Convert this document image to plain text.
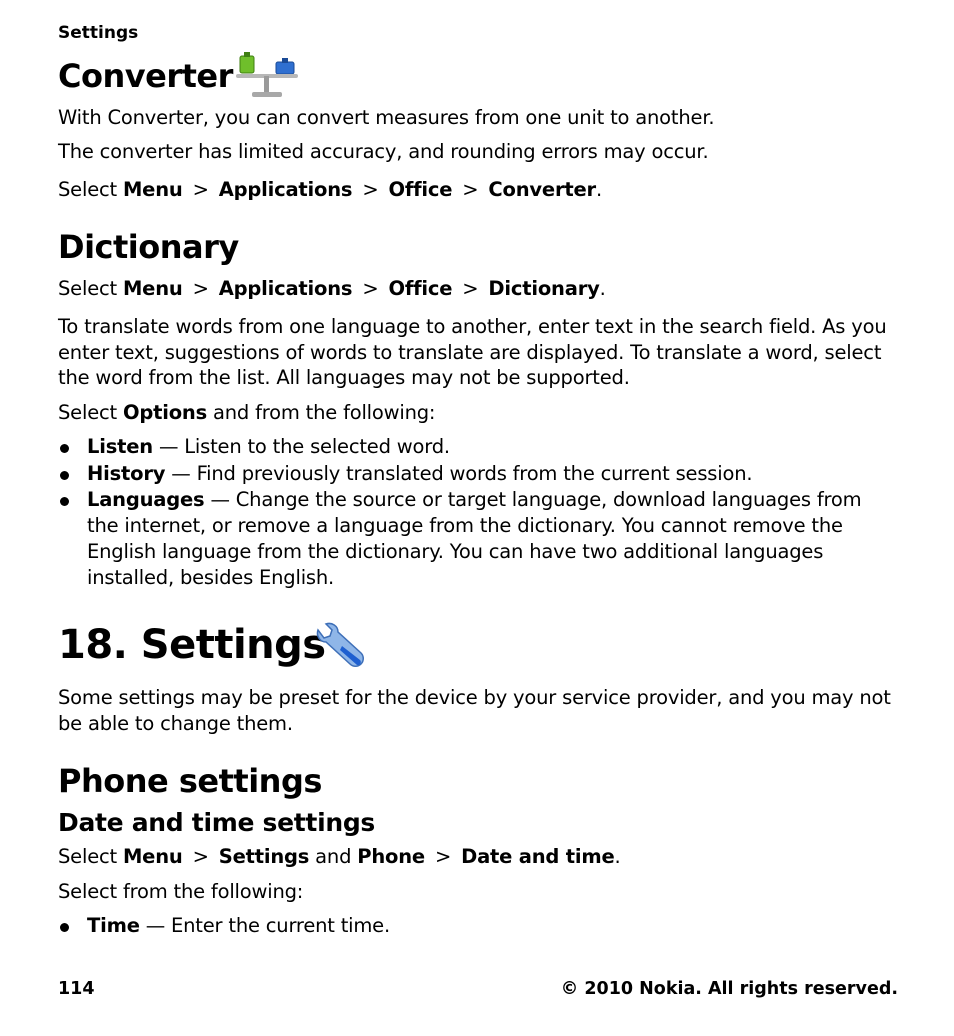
Settings
Converter
With Converter, you can convert measures from one unit to another.
The converter has limited accuracy, and rounding errors may occur.
Select Menu > Applications > Office > Converter.
Dictionary
Select Menu > Applications > Office > Dictionary.
To translate words from one language to another, enter text in the search field. As you enter text, suggestions of words to translate are displayed. To translate a word, select the word from the list. All languages may not be supported.
Select Options and from the following:
Listen — Listen to the selected word.
History — Find previously translated words from the current session.
Languages — Change the source or target language, download languages from the internet, or remove a language from the dictionary. You cannot remove the English language from the dictionary. You can have two additional languages installed, besides English.
18. Settings
Some settings may be preset for the device by your service provider, and you may not be able to change them.
Phone settings
Date and time settings
Select Menu > Settings and Phone > Date and time.
Select from the following:
Time — Enter the current time.
114	© 2010 Nokia. All rights reserved.
